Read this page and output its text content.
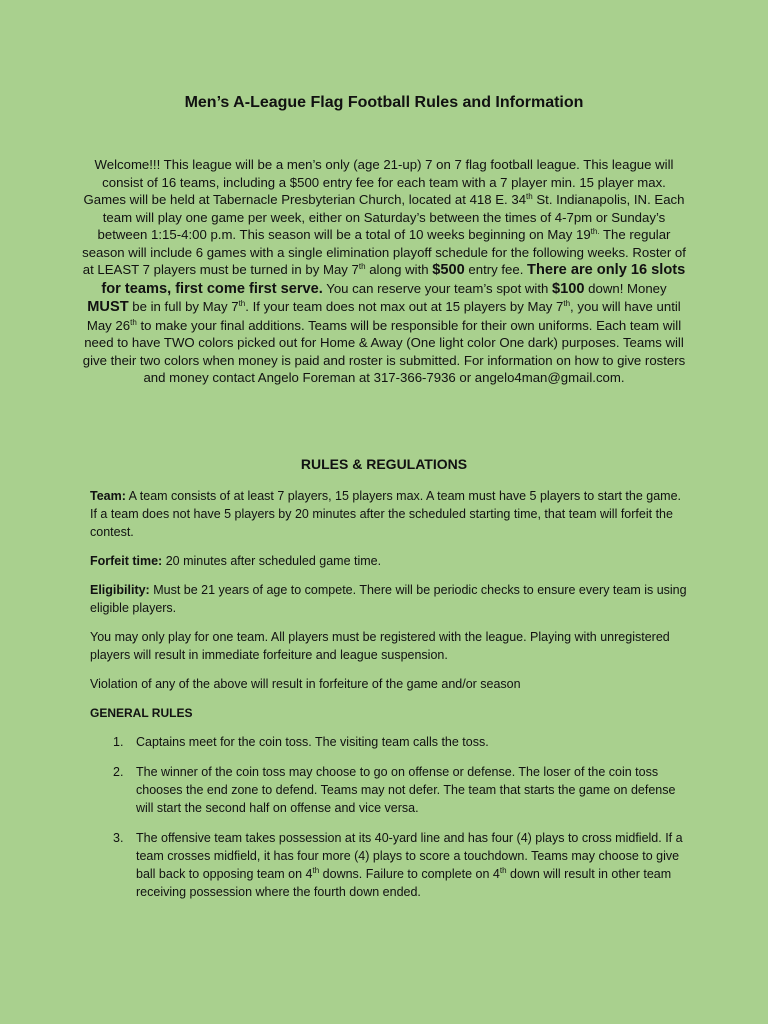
Men’s A-League Flag Football Rules and Information
Welcome!!! This league will be a men’s only (age 21-up) 7 on 7 flag football league. This league will consist of 16 teams, including a $500 entry fee for each team with a 7 player min. 15 player max. Games will be held at Tabernacle Presbyterian Church, located at 418 E. 34th St. Indianapolis, IN. Each team will play one game per week, either on Saturday’s between the times of 4-7pm or Sunday’s between 1:15-4:00 p.m. This season will be a total of 10 weeks beginning on May $19^{th.}$ The regular season will include 6 games with a single elimination playoff schedule for the following weeks. Roster of at LEAST 7 players must be turned in by May 7th along with $500 entry fee. There are only 16 slots for teams, first come first serve. You can reserve your team’s spot with $100 down! Money MUST be in full by May 7th. If your team does not max out at 15 players by May 7th, you will have until May 26th to make your final additions. Teams will be responsible for their own uniforms. Each team will need to have TWO colors picked out for Home & Away (One light color One dark) purposes. Teams will give their two colors when money is paid and roster is submitted. For information on how to give rosters and money contact Angelo Foreman at 317-366-7936 or angelo4man@gmail.com.
RULES & REGULATIONS

Team: A team consists of at least 7 players, 15 players max. A team must have 5 players to start the game. If a team does not have 5 players by 20 minutes after the scheduled starting time, that team will forfeit the contest.

Forfeit time: 20 minutes after scheduled game time.

Eligibility: Must be 21 years of age to compete. There will be periodic checks to ensure every team is using eligible players.

You may only play for one team. All players must be registered with the league. Playing with unregistered players will result in immediate forfeiture and league suspension.

Violation of any of the above will result in forfeiture of the game and/or season

GENERAL RULES
1. Captains meet for the coin toss. The visiting team calls the toss.
2. The winner of the coin toss may choose to go on offense or defense. The loser of the coin toss chooses the end zone to defend. Teams may not defer. The team that starts the game on defense will start the second half on offense and vice versa.
3. The offensive team takes possession at its 40-yard line and has four (4) plays to cross midfield. If a team crosses midfield, it has four more (4) plays to score a touchdown. Teams may choose to give ball back to opposing team on 4th downs. Failure to complete on 4th down will result in other team receiving possession where the fourth down ended.
